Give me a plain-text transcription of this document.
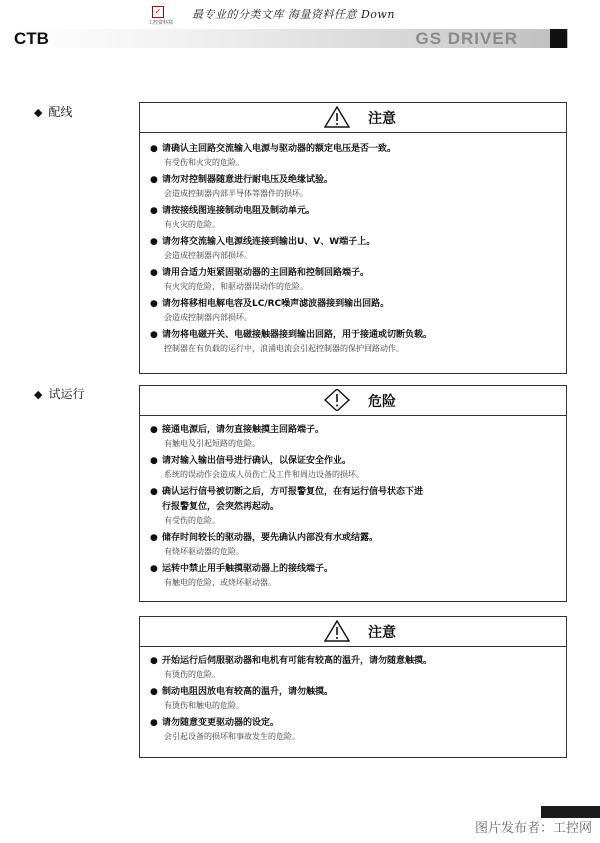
✓
工控资料窝
最专业的分类文库 海量资料任意 Down
CTB	GS DRIVER
◆ 配线	注意
● 请确认主回路交流输入电源与驱动器的额定电压是否一致。
有受伤和火灾的危险。
● 请勿对控制器随意进行耐电压及绝缘试验。
会造成控制器内部半导体等器件的损坏。
● 请按接线图连接制动电阻及制动单元。
有火灾的危险。
● 请勿将交流输入电源线连接到输出U、V、W端子上。
会造成控制器内部损坏。
● 请用合适力矩紧固驱动器的主回路和控制回路端子。
有火灾的危险，和驱动器误动作的危险。
● 请勿将移相电解电容及LC/RC噪声滤波器接到输出回路。
会造成控制器内部损坏。
● 请勿将电磁开关、电磁接触器接到输出回路，用于接通或切断负载。
控制器在有负载的运行中，浪涌电流会引起控制器的保护回路动作。
◆ 试运行	危险
● 接通电源后，请勿直接触摸主回路端子。
有触电及引起短路的危险。
● 请对输入输出信号进行确认，以保证安全作业。
系统的误动作会造成人员伤亡及工件和周边设备的损坏。
● 确认运行信号被切断之后，方可报警复位，在有运行信号状态下进
行报警复位，会突然再起动。
有受伤的危险。
● 储存时间较长的驱动器，要先确认内部没有水或结露。
有烧坏驱动器的危险。
● 运转中禁止用手触摸驱动器上的接线端子。
有触电的危险，或烧坏驱动器。
注意
● 开始运行后伺服驱动器和电机有可能有较高的温升，请勿随意触摸。
有烫伤的危险。
● 制动电阻因放电有较高的温升，请勿触摸。
有烫伤和触电的危险。
● 请勿随意变更驱动器的设定。
会引起设备的损坏和事故发生的危险。
图片发布者：工控网
